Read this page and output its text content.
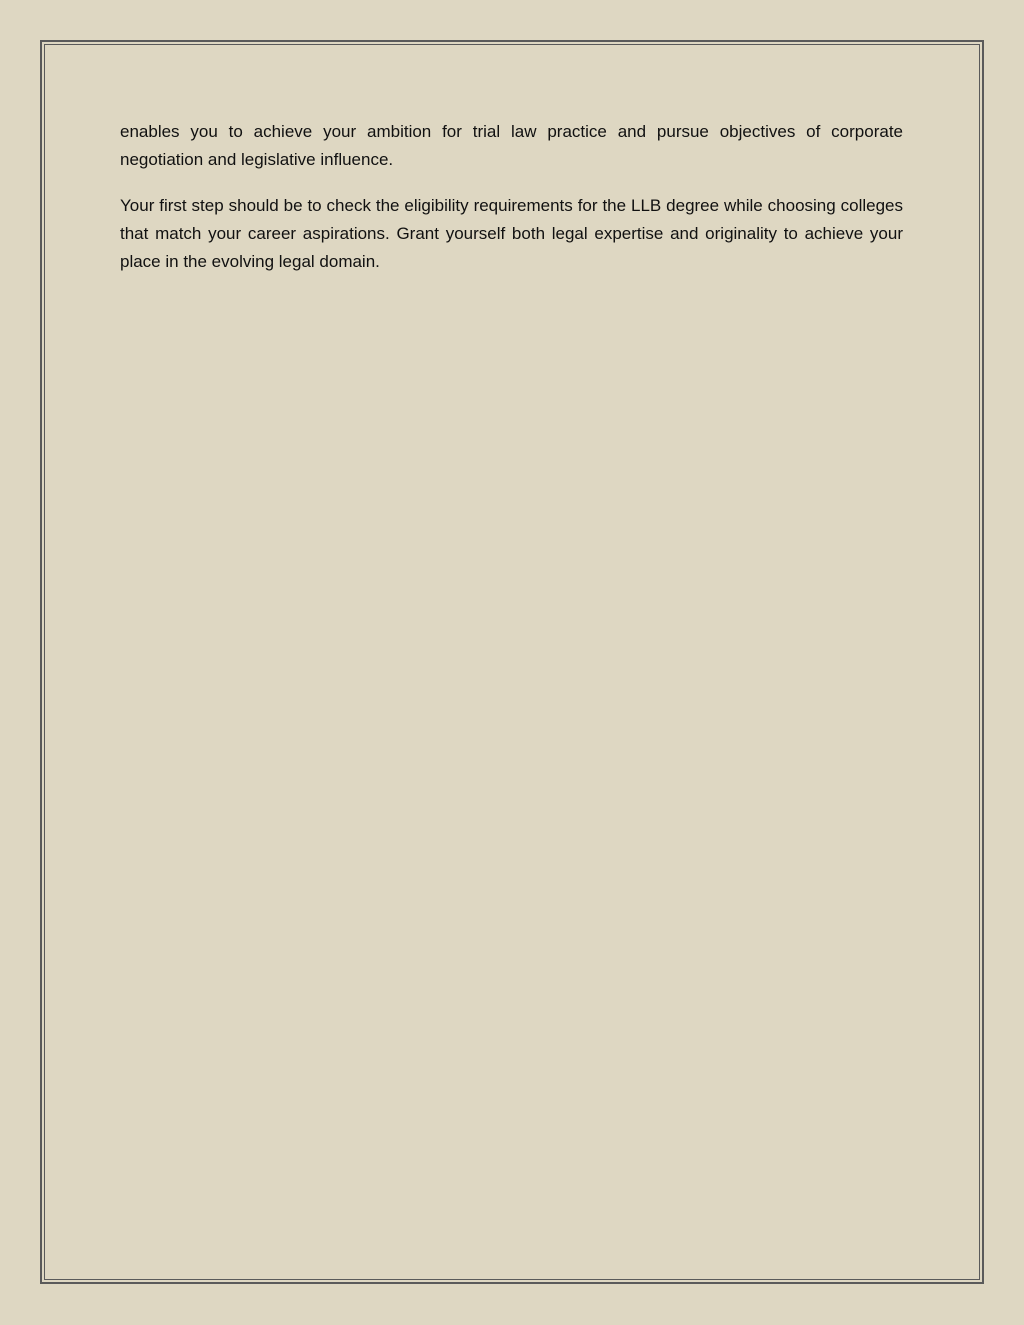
enables you to achieve your ambition for trial law practice and pursue objectives of corporate negotiation and legislative influence.

Your first step should be to check the eligibility requirements for the LLB degree while choosing colleges that match your career aspirations. Grant yourself both legal expertise and originality to achieve your place in the evolving legal domain.
